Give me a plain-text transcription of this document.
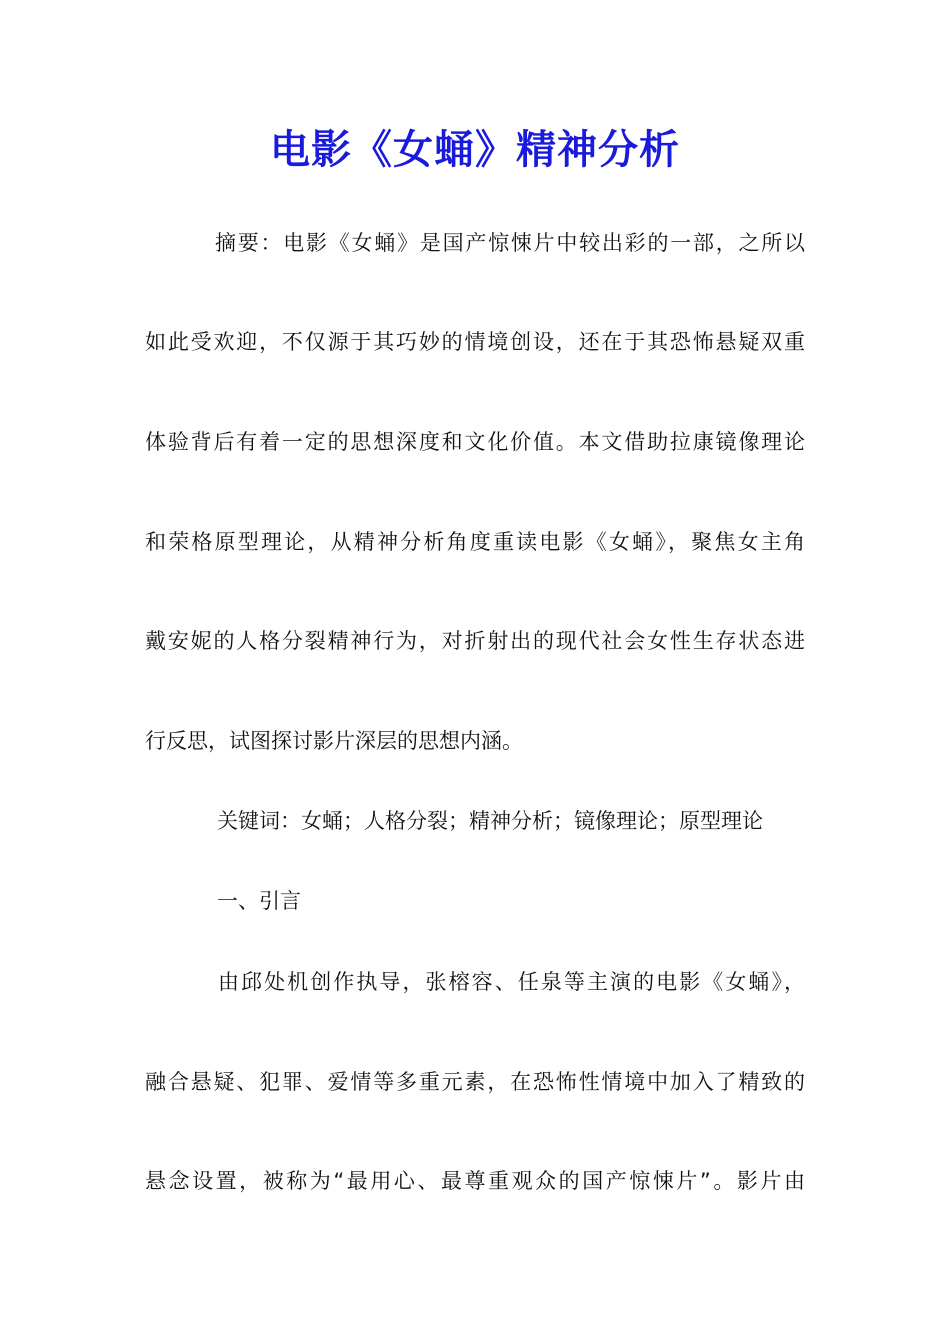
电影《女蛹》精神分析
摘要：电影《女蛹》是国产惊悚片中较出彩的一部，之所以
如此受欢迎，不仅源于其巧妙的情境创设，还在于其恐怖悬疑双重
体验背后有着一定的思想深度和文化价值。本文借助拉康镜像理论
和荣格原型理论，从精神分析角度重读电影《女蛹》，聚焦女主角
戴安妮的人格分裂精神行为，对折射出的现代社会女性生存状态进
行反思，试图探讨影片深层的思想内涵。
关键词：女蛹；人格分裂；精神分析；镜像理论；原型理论
一、引言
由邱处机创作执导，张榕容、任泉等主演的电影《女蛹》，
融合悬疑、犯罪、爱情等多重元素，在恐怖性情境中加入了精致的
悬念设置，被称为“最用心、最尊重观众的国产惊悚片”。影片由
